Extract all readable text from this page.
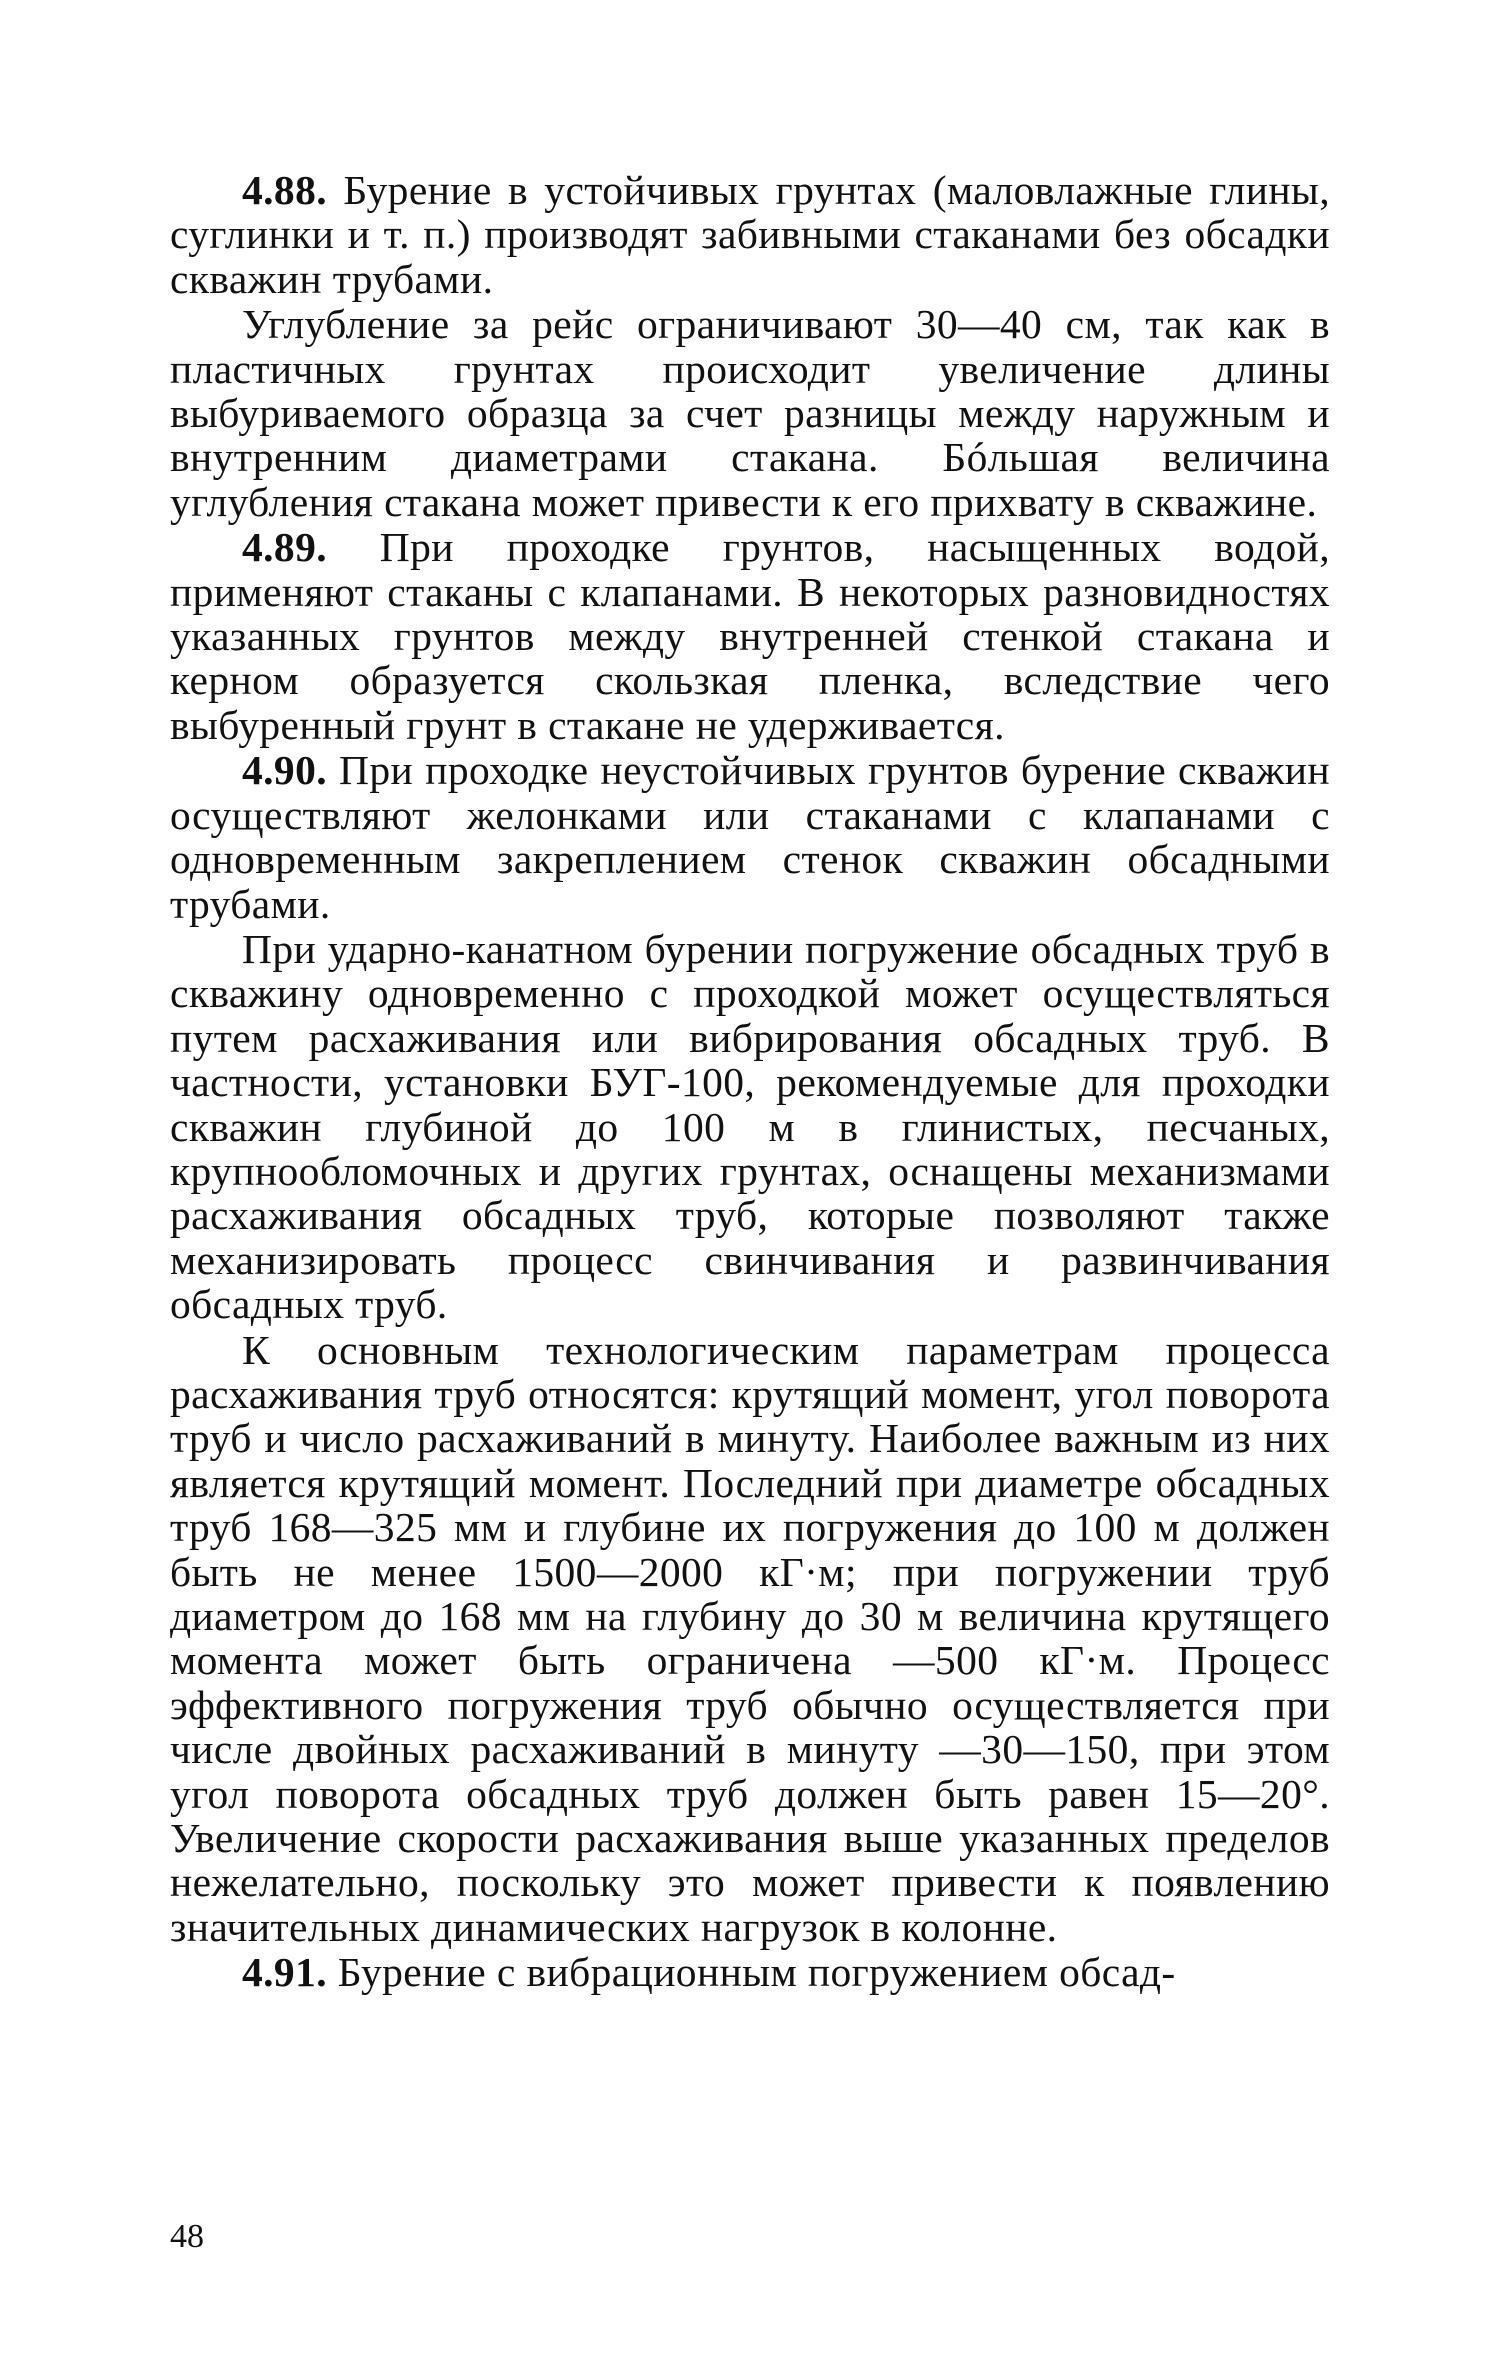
4.88. Бурение в устойчивых грунтах (маловлажные глины, суглинки и т. п.) производят забивными стаканами без обсадки скважин трубами.

Углубление за рейс ограничивают 30—40 см, так как в пластичных грунтах происходит увеличение длины выбуриваемого образца за счет разницы между наружным и внутренним диаметрами стакана. Бóльшая величина углубления стакана может привести к его прихвату в скважине.

4.89. При проходке грунтов, насыщенных водой, применяют стаканы с клапанами. В некоторых разновидностях указанных грунтов между внутренней стенкой стакана и керном образуется скользкая пленка, вследствие чего выбуренный грунт в стакане не удерживается.

4.90. При проходке неустойчивых грунтов бурение скважин осуществляют желонками или стаканами с клапанами с одновременным закреплением стенок скважин обсадными трубами.

При ударно-канатном бурении погружение обсадных труб в скважину одновременно с проходкой может осуществляться путем расхаживания или вибрирования обсадных труб. В частности, установки БУГ-100, рекомендуемые для проходки скважин глубиной до 100 м в глинистых, песчаных, крупнообломочных и других грунтах, оснащены механизмами расхаживания обсадных труб, которые позволяют также механизировать процесс свинчивания и развинчивания обсадных труб.

К основным технологическим параметрам процесса расхаживания труб относятся: крутящий момент, угол поворота труб и число расхаживаний в минуту. Наиболее важным из них является крутящий момент. Последний при диаметре обсадных труб 168—325 мм и глубине их погружения до 100 м должен быть не менее 1500—2000 кГ·м; при погружении труб диаметром до 168 мм на глубину до 30 м величина крутящего момента может быть ограничена —500 кГ·м. Процесс эффективного погружения труб обычно осуществляется при числе двойных расхаживаний в минуту —30—150, при этом угол поворота обсадных труб должен быть равен 15—20°. Увеличение скорости расхаживания выше указанных пределов нежелательно, поскольку это может привести к появлению значительных динамических нагрузок в колонне.

4.91. Бурение с вибрационным погружением обсад-

48
